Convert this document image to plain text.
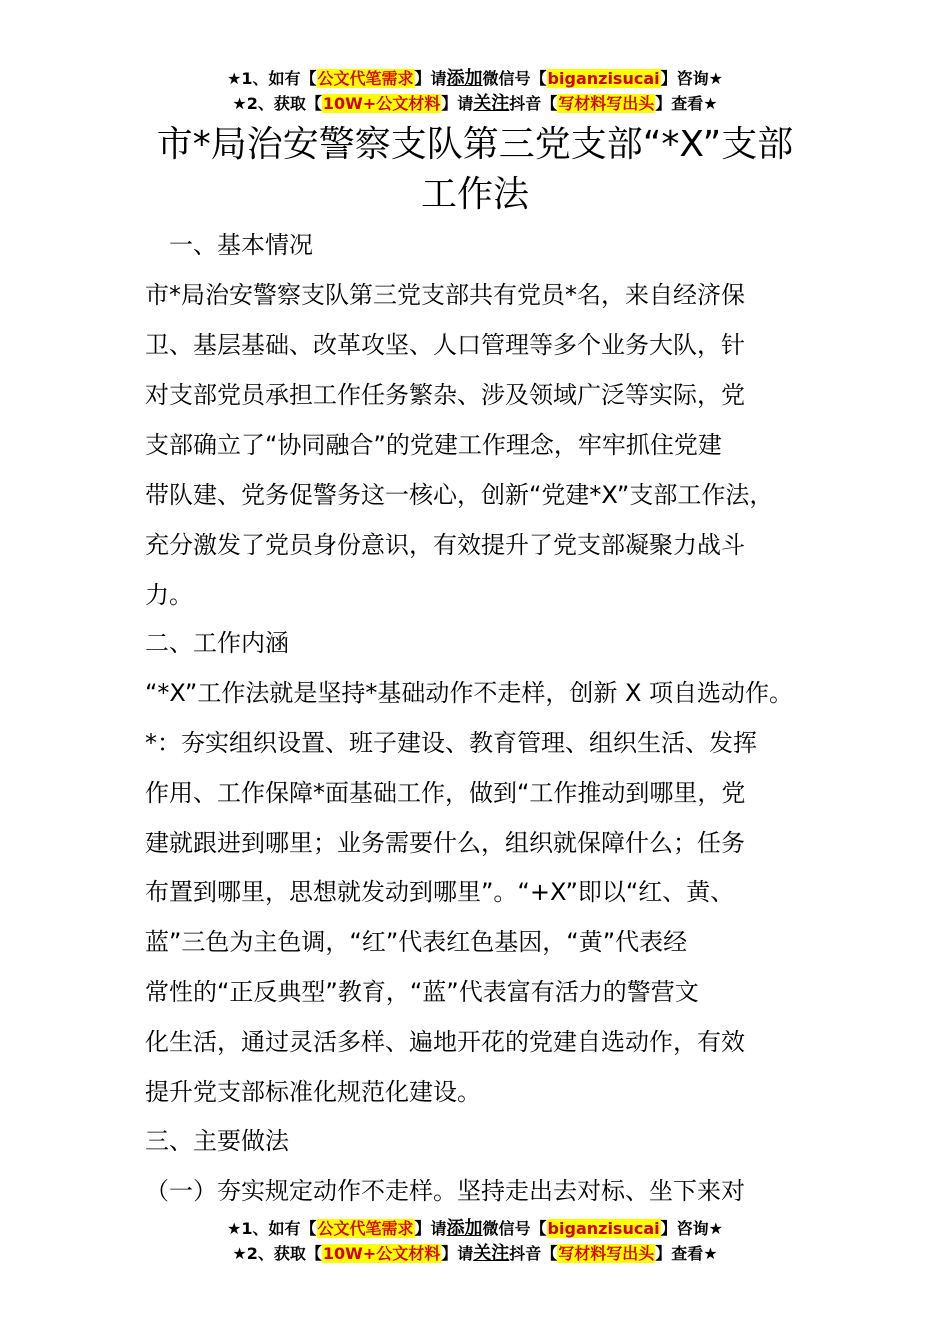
★1、如有【公文代笔需求】请添加微信号【biganzisucai】咨询★
★2、获取【10W+公文材料】请关注抖音【写材料写出头】查看★
市*局治安警察支队第三党支部“*X”支部
工作法
　一、基本情况
市*局治安警察支队第三党支部共有党员*名，来自经济保
卫、基层基础、改革攻坚、人口管理等多个业务大队，针
对支部党员承担工作任务繁杂、涉及领域广泛等实际，党
支部确立了“协同融合”的党建工作理念，牢牢抓住党建
带队建、党务促警务这一核心，创新“党建*X”支部工作法，
充分激发了党员身份意识，有效提升了党支部凝聚力战斗
力。
二、工作内涵
“*X”工作法就是坚持*基础动作不走样，创新 X 项自选动作。
*：夯实组织设置、班子建设、教育管理、组织生活、发挥
作用、工作保障*面基础工作，做到“工作推动到哪里，党
建就跟进到哪里；业务需要什么，组织就保障什么；任务
布置到哪里，思想就发动到哪里”。“+X”即以“红、黄、
蓝”三色为主色调，“红”代表红色基因，“黄”代表经
常性的“正反典型”教育，“蓝”代表富有活力的警营文
化生活，通过灵活多样、遍地开花的党建自选动作，有效
提升党支部标准化规范化建设。
三、主要做法
（一）夯实规定动作不走样。坚持走出去对标、坐下来对
★1、如有【公文代笔需求】请添加微信号【biganzisucai】咨询★
★2、获取【10W+公文材料】请关注抖音【写材料写出头】查看★
